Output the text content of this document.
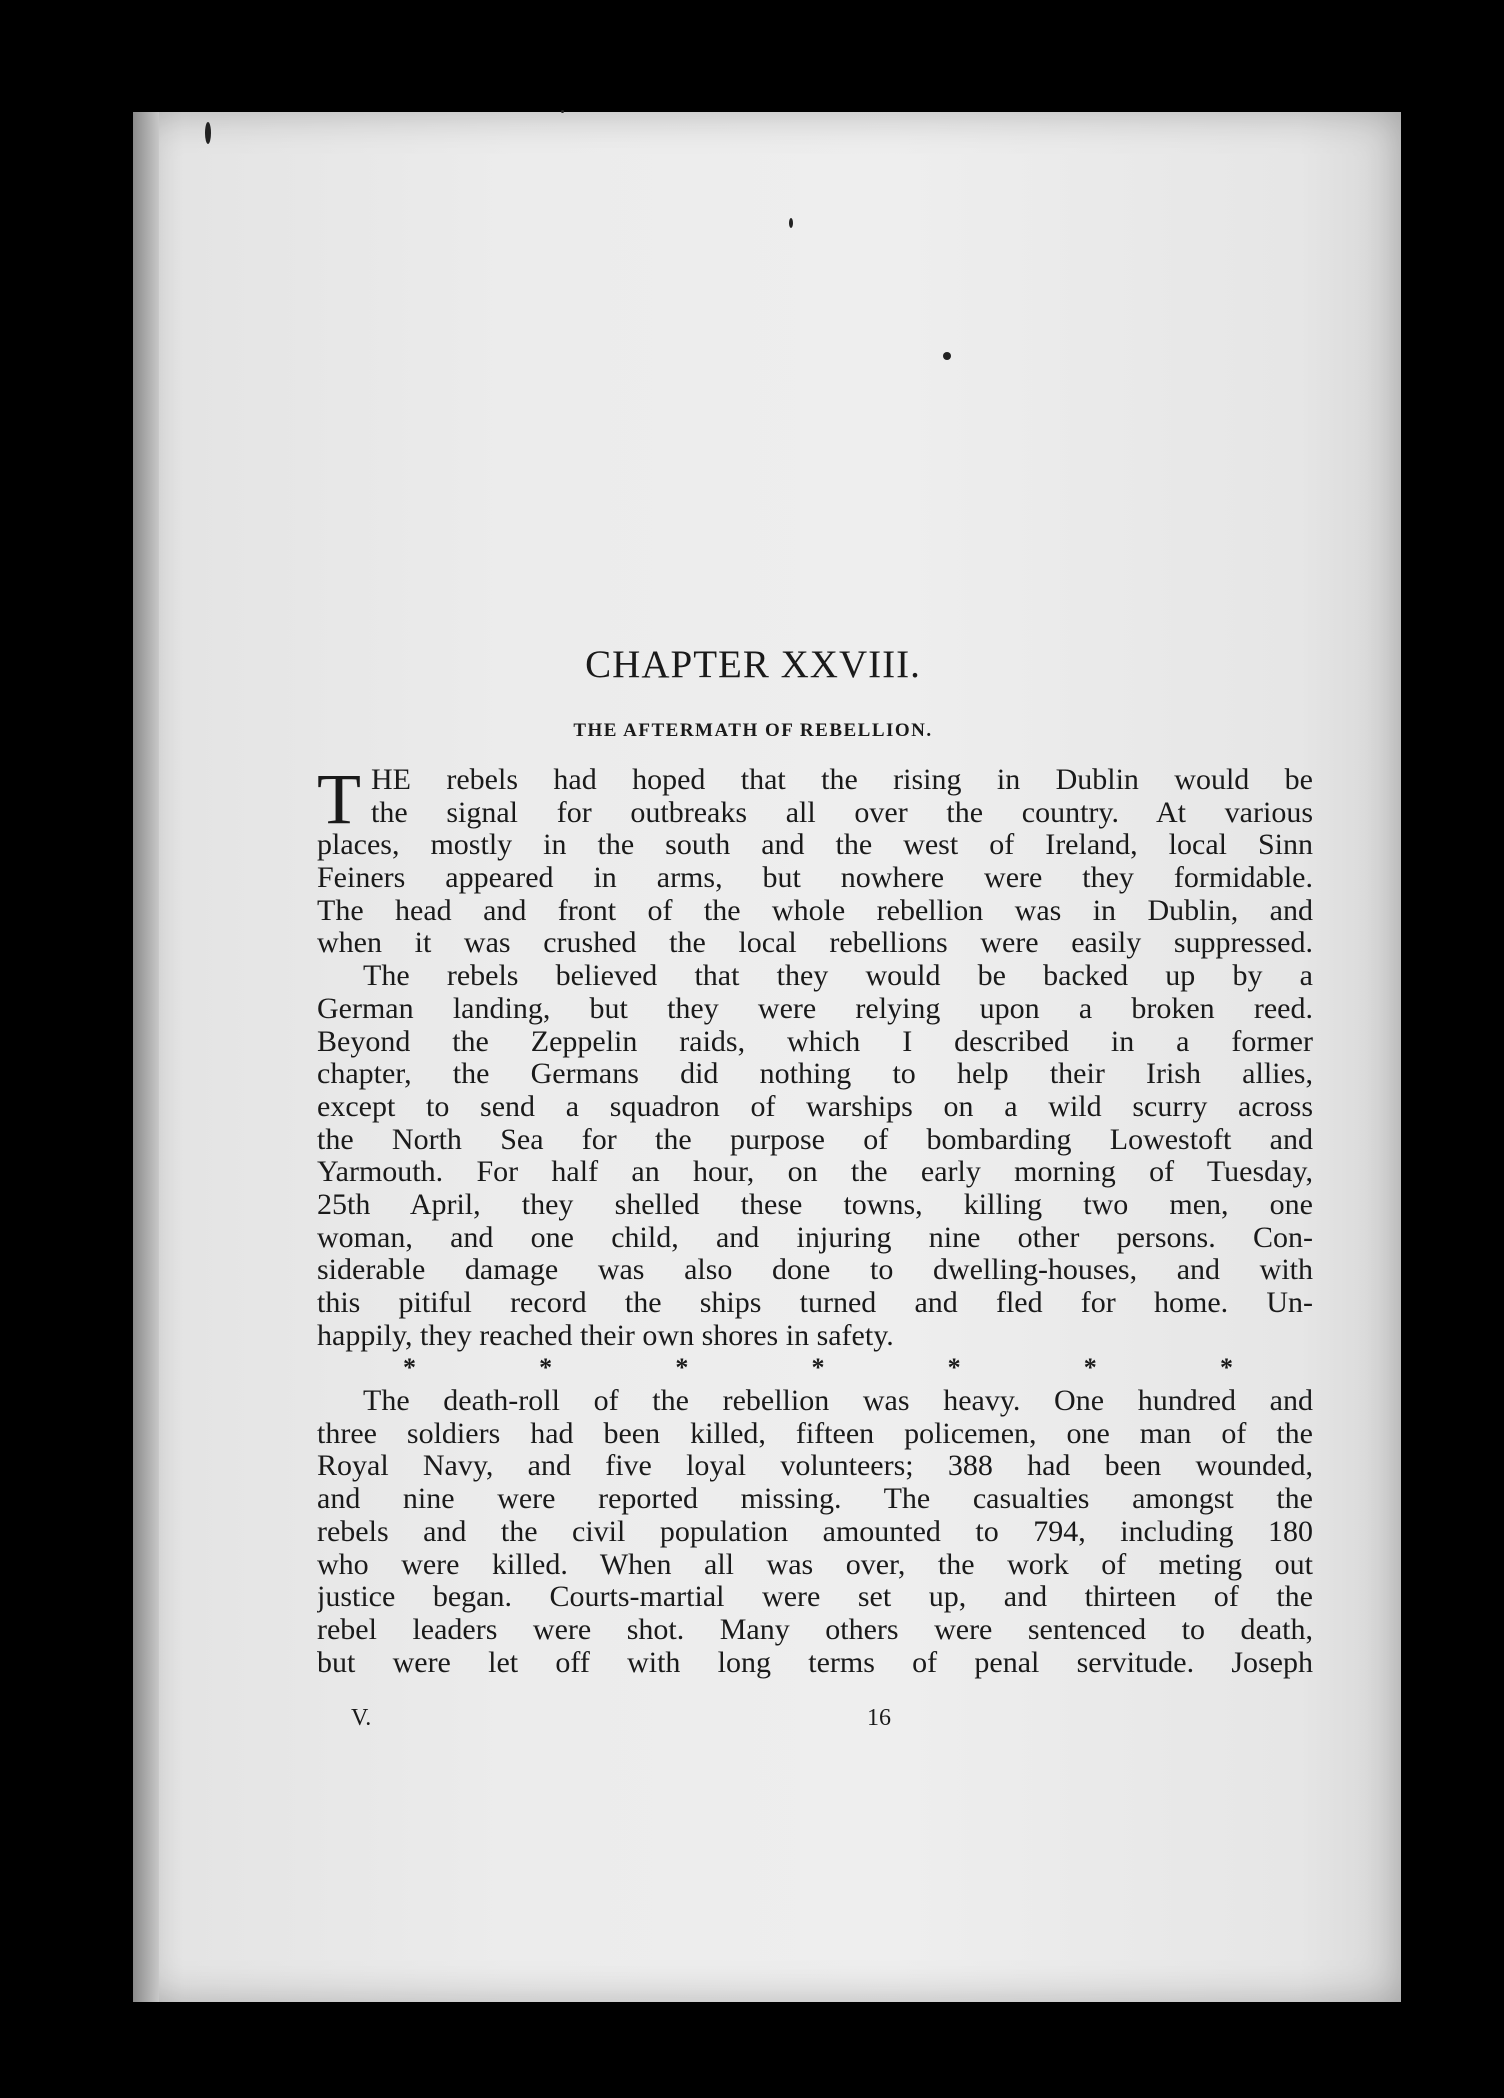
CHAPTER XXVIII.
THE AFTERMATH OF REBELLION.
T HE rebels had hoped that the rising in Dublin would be
the signal for outbreaks all over the country. At various
places, mostly in the south and the west of Ireland, local Sinn
Feiners appeared in arms, but nowhere were they formidable.
The head and front of the whole rebellion was in Dublin, and
when it was crushed the local rebellions were easily suppressed.
The rebels believed that they would be backed up by a
German landing, but they were relying upon a broken reed.
Beyond the Zeppelin raids, which I described in a former
chapter, the Germans did nothing to help their Irish allies,
except to send a squadron of warships on a wild scurry across
the North Sea for the purpose of bombarding Lowestoft and
Yarmouth. For half an hour, on the early morning of Tuesday,
25th April, they shelled these towns, killing two men, one
woman, and one child, and injuring nine other persons. Con-
siderable damage was also done to dwelling-houses, and with
this pitiful record the ships turned and fled for home. Un-
happily, they reached their own shores in safety.
*	*	*	*	*	*	*
The death-roll of the rebellion was heavy. One hundred and
three soldiers had been killed, fifteen policemen, one man of the
Royal Navy, and five loyal volunteers; 388 had been wounded,
and nine were reported missing. The casualties amongst the
rebels and the civil population amounted to 794, including 180
who were killed. When all was over, the work of meting out
justice began. Courts-martial were set up, and thirteen of the
rebel leaders were shot. Many others were sentenced to death,
but were let off with long terms of penal servitude. Joseph
V.	16
